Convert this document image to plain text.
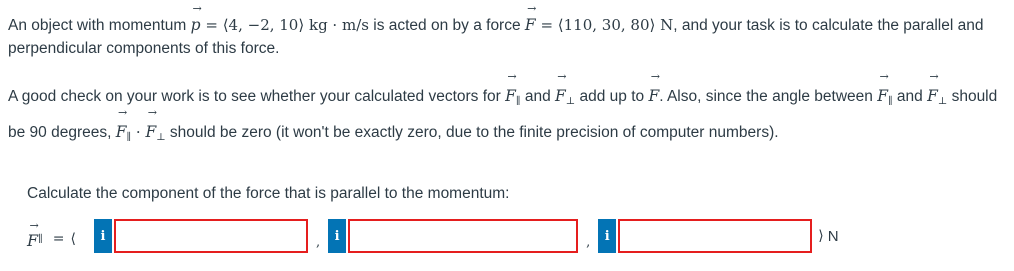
An object with momentum
→
p = ⟨4, −2, 10⟩ kg · m/s is acted on by a force
→
F = ⟨110, 30, 80⟩ N, and your task is to calculate the parallel and perpendicular components of this force.
A good check on your work is to see whether your calculated vectors for
→
$F_\parallel$ and
→
$F_\perp$ add up to
→
F. Also, since the angle between
→
$F_\parallel$ and
→
$F_\perp$ should be 90 degrees,
→
$F_\parallel$ ·
→
$F_\perp$ should be zero (it won't be exactly zero, due to the finite precision of computer numbers).
Calculate the component of the force that is parallel to the momentum:
→
F ∥ = ⟨	i	,	i	,	i	⟩ N
